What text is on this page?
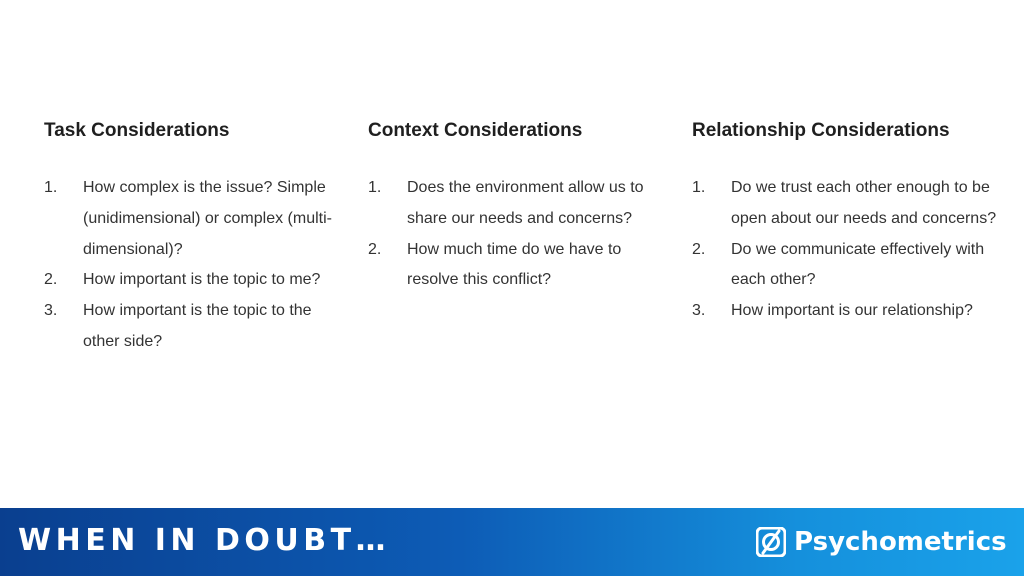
Task Considerations
1.	How complex is the issue? Simple (unidimensional) or complex (multi-dimensional)?
2.	How important is the topic to me?
3.	How important is the topic to the other side?
Context Considerations
1.	Does the environment allow us to share our needs and concerns?
2.	How much time do we have to resolve this conflict?
Relationship Considerations
1.	Do we trust each other enough to be open about our needs and concerns?
2.	Do we communicate effectively with each other?
3.	How important is our relationship?
WHEN IN DOUBT…	Psychometrics
